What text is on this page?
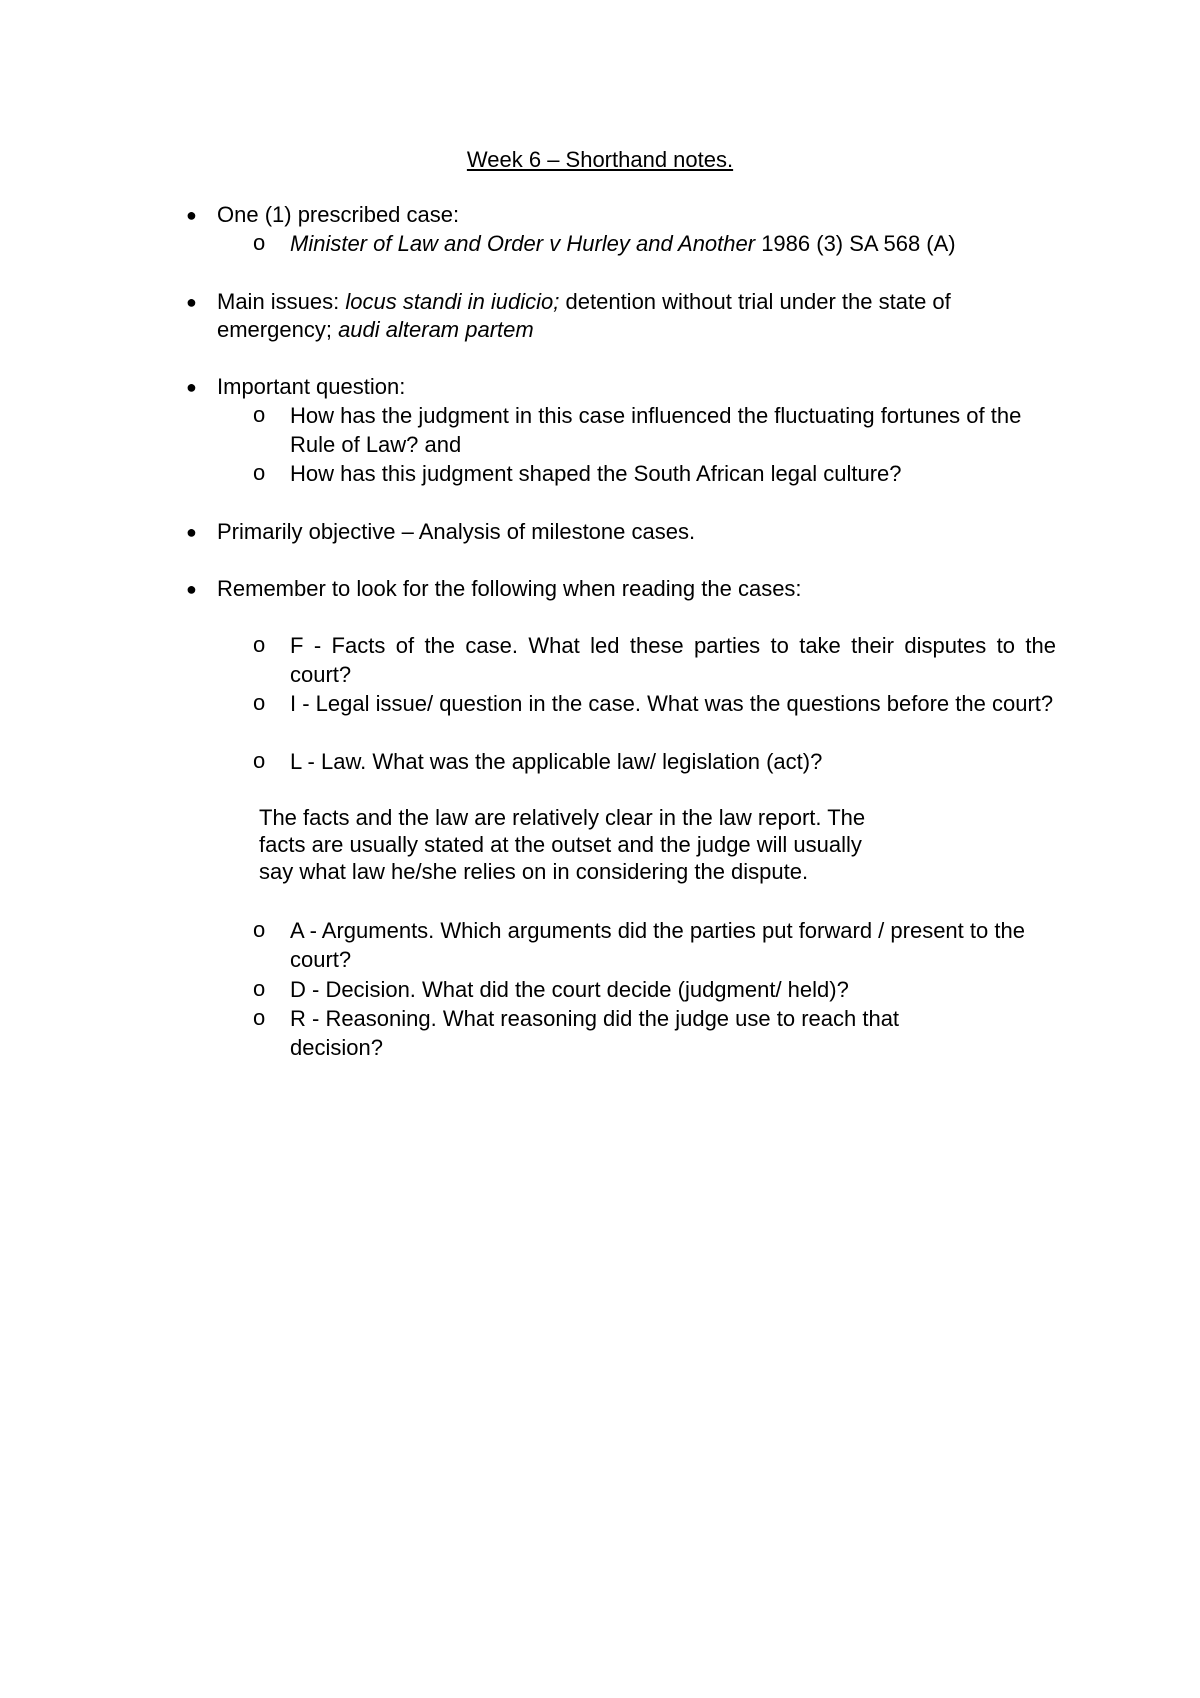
Week 6 – Shorthand notes.
● One (1) prescribed case:
o	Minister of Law and Order v Hurley and Another 1986 (3) SA 568 (A)
● Main issues: locus standi in iudicio; detention without trial under the state of emergency; audi alteram partem
● Important question:
o	How has the judgment in this case influenced the fluctuating fortunes of the Rule of Law? and
o	How has this judgment shaped the South African legal culture?
● Primarily objective – Analysis of milestone cases.
● Remember to look for the following when reading the cases:
o	F - Facts of the case. What led these parties to take their disputes to the court?
o	I - Legal issue/ question in the case. What was the questions before the court?
o	L - Law. What was the applicable law/ legislation (act)?
The facts and the law are relatively clear in the law report. The
facts are usually stated at the outset and the judge will usually
say what law he/she relies on in considering the dispute.
o	A - Arguments. Which arguments did the parties put forward / present to the court?
o	D - Decision. What did the court decide (judgment/ held)?
o	R - Reasoning. What reasoning did the judge use to reach that decision?
